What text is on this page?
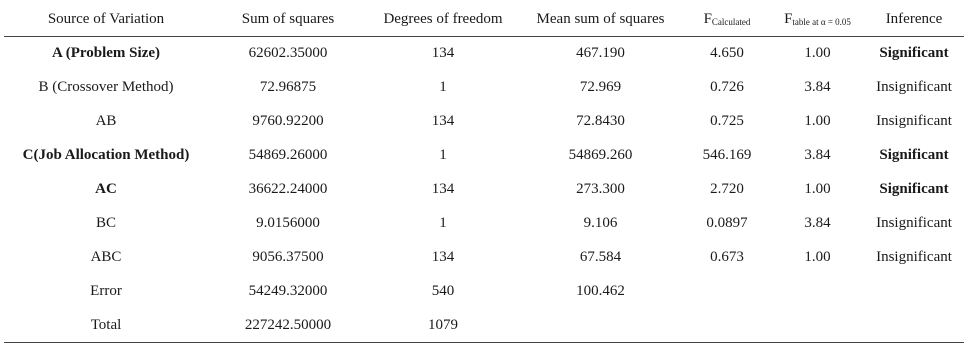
Source of Variation	Sum of squares	Degrees of freedom	Mean sum of squares	$F_{Calculated}$	$F_{table at \alpha = 0.05}$	Inference
A (Problem Size)	62602.35000	134	467.190	4.650	1.00	Significant
B (Crossover Method)	72.96875	1	72.969	0.726	3.84	Insignificant
AB	9760.92200	134	72.8430	0.725	1.00	Insignificant
C(Job Allocation Method)	54869.26000	1	54869.260	546.169	3.84	Significant
AC	36622.24000	134	273.300	2.720	1.00	Significant
BC	9.0156000	1	9.106	0.0897	3.84	Insignificant
ABC	9056.37500	134	67.584	0.673	1.00	Insignificant
Error	54249.32000	540	100.462			
Total	227242.50000	1079				
